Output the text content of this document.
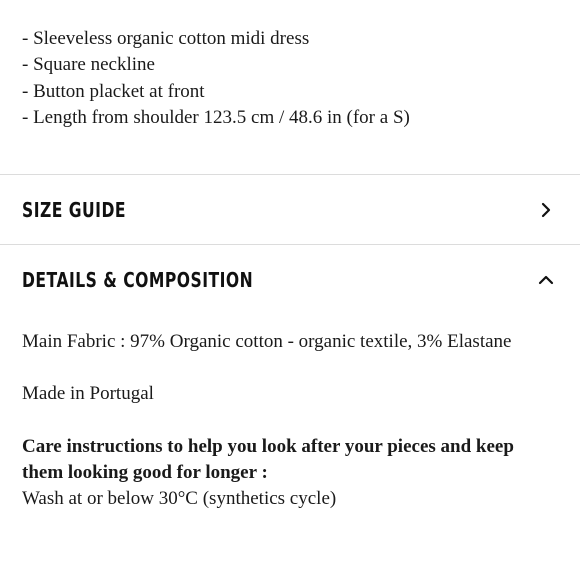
- Sleeveless organic cotton midi dress
- Square neckline
- Button placket at front
- Length from shoulder 123.5 cm / 48.6 in (for a S)
SIZE GUIDE
DETAILS & COMPOSITION

Main Fabric : 97% Organic cotton - organic textile, 3% Elastane

Made in Portugal

Care instructions to help you look after your pieces and keep them looking good for longer :

Wash at or below 30°C (synthetics cycle)
